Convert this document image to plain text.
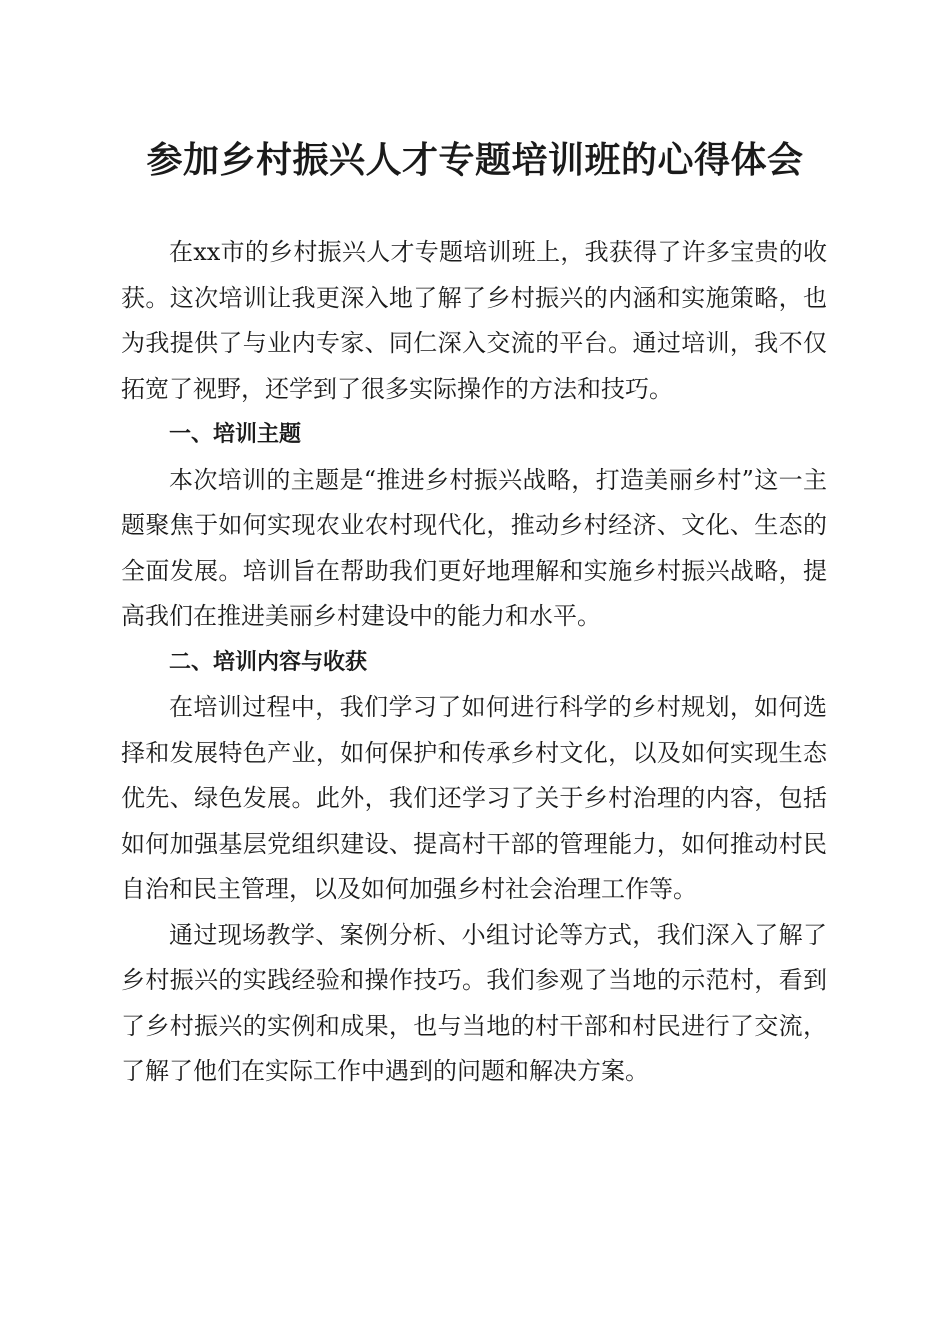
参加乡村振兴人才专题培训班的心得体会

在xx市的乡村振兴人才专题培训班上，我获得了许多宝贵的收获。这次培训让我更深入地了解了乡村振兴的内涵和实施策略，也为我提供了与业内专家、同仁深入交流的平台。通过培训，我不仅拓宽了视野，还学到了很多实际操作的方法和技巧。

一、培训主题

本次培训的主题是“推进乡村振兴战略，打造美丽乡村”这一主题聚焦于如何实现农业农村现代化，推动乡村经济、文化、生态的全面发展。培训旨在帮助我们更好地理解和实施乡村振兴战略，提高我们在推进美丽乡村建设中的能力和水平。

二、培训内容与收获

在培训过程中，我们学习了如何进行科学的乡村规划，如何选择和发展特色产业，如何保护和传承乡村文化，以及如何实现生态优先、绿色发展。此外，我们还学习了关于乡村治理的内容，包括如何加强基层党组织建设、提高村干部的管理能力，如何推动村民自治和民主管理，以及如何加强乡村社会治理工作等。

通过现场教学、案例分析、小组讨论等方式，我们深入了解了乡村振兴的实践经验和操作技巧。我们参观了当地的示范村，看到了乡村振兴的实例和成果，也与当地的村干部和村民进行了交流，了解了他们在实际工作中遇到的问题和解决方案。
